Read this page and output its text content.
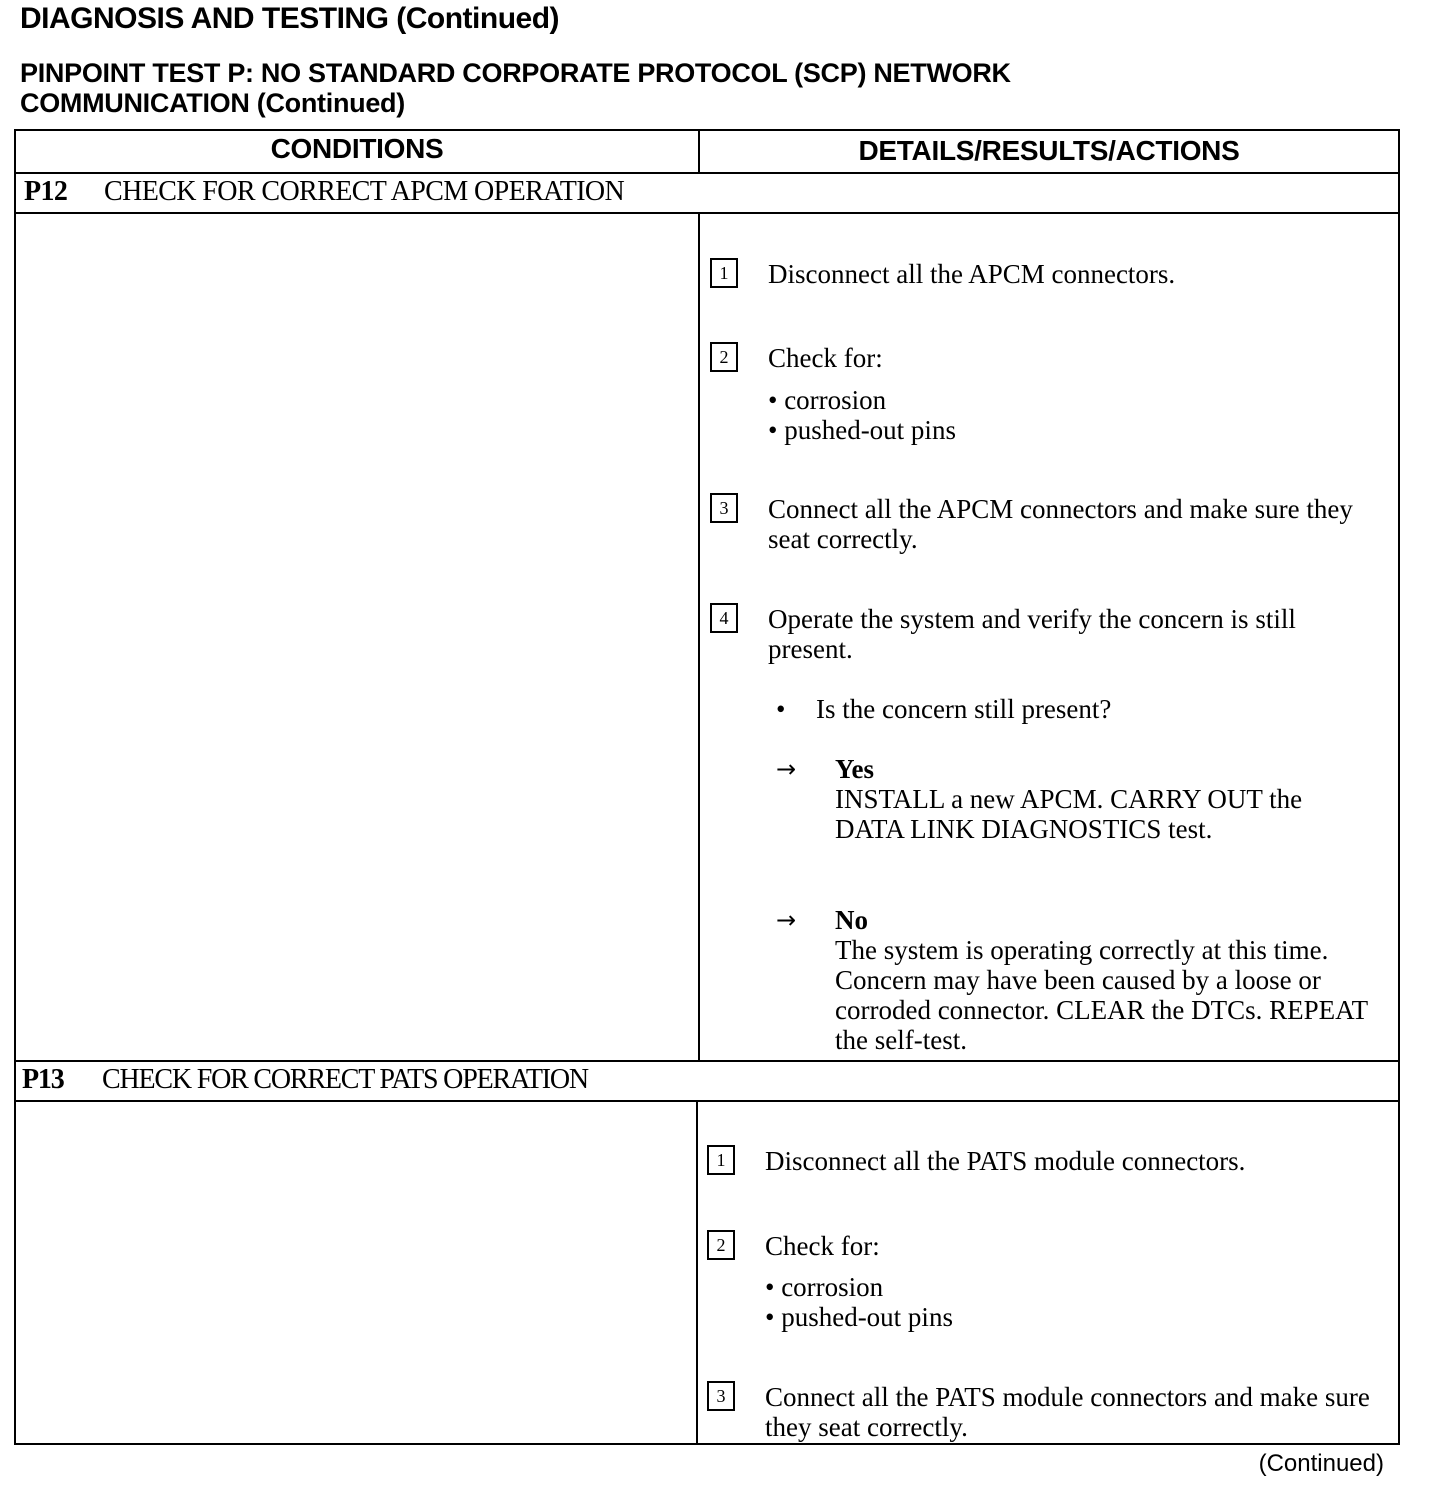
DIAGNOSIS AND TESTING (Continued)
PINPOINT TEST P: NO STANDARD CORPORATE PROTOCOL (SCP) NETWORK
COMMUNICATION (Continued)
CONDITIONS	DETAILS/RESULTS/ACTIONS
P12 CHECK FOR CORRECT APCM OPERATION
1	Disconnect all the APCM connectors.
2	Check for:
• corrosion
• pushed-out pins
3	Connect all the APCM connectors and make sure they seat correctly.
4	Operate the system and verify the concern is still present.
• Is the concern still present?
→ Yes
INSTALL a new APCM. CARRY OUT the DATA LINK DIAGNOSTICS test.
→ No
The system is operating correctly at this time. Concern may have been caused by a loose or corroded connector. CLEAR the DTCs. REPEAT the self-test.
P13 CHECK FOR CORRECT PATS OPERATION
1	Disconnect all the PATS module connectors.
2	Check for:
• corrosion
• pushed-out pins
3	Connect all the PATS module connectors and make sure they seat correctly.
(Continued)
